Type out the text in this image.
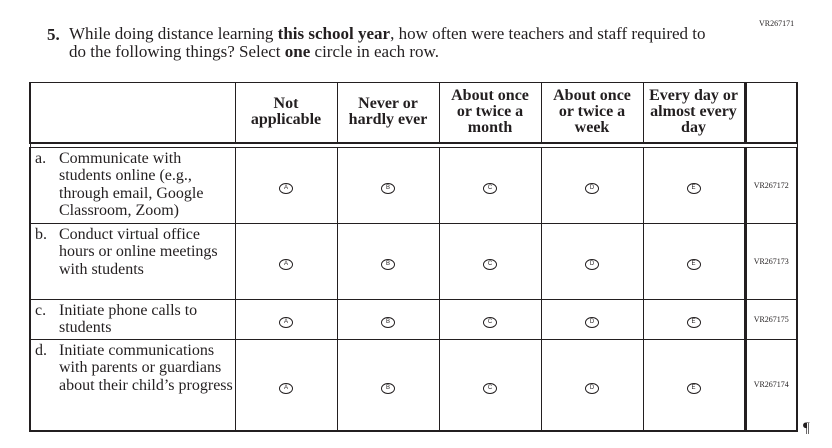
5. While doing distance learning this school year, how often were teachers and staff required to do the following things? Select one circle in each row.
VR267171

	Not applicable	Never or hardly ever	About once or twice a month	About once or twice a week	Every day or almost every day	

a. Communicate with students online (e.g., through email, Google Classroom, Zoom)	A	B	C	D	E	VR267172

b. Conduct virtual office hours or online meetings with students	A	B	C	D	E	VR267173

c. Initiate phone calls to students	A	B	C	D	E	VR267175

d. Initiate communications with parents or guardians about their child’s progress	A	B	C	D	E	VR267174
¶
